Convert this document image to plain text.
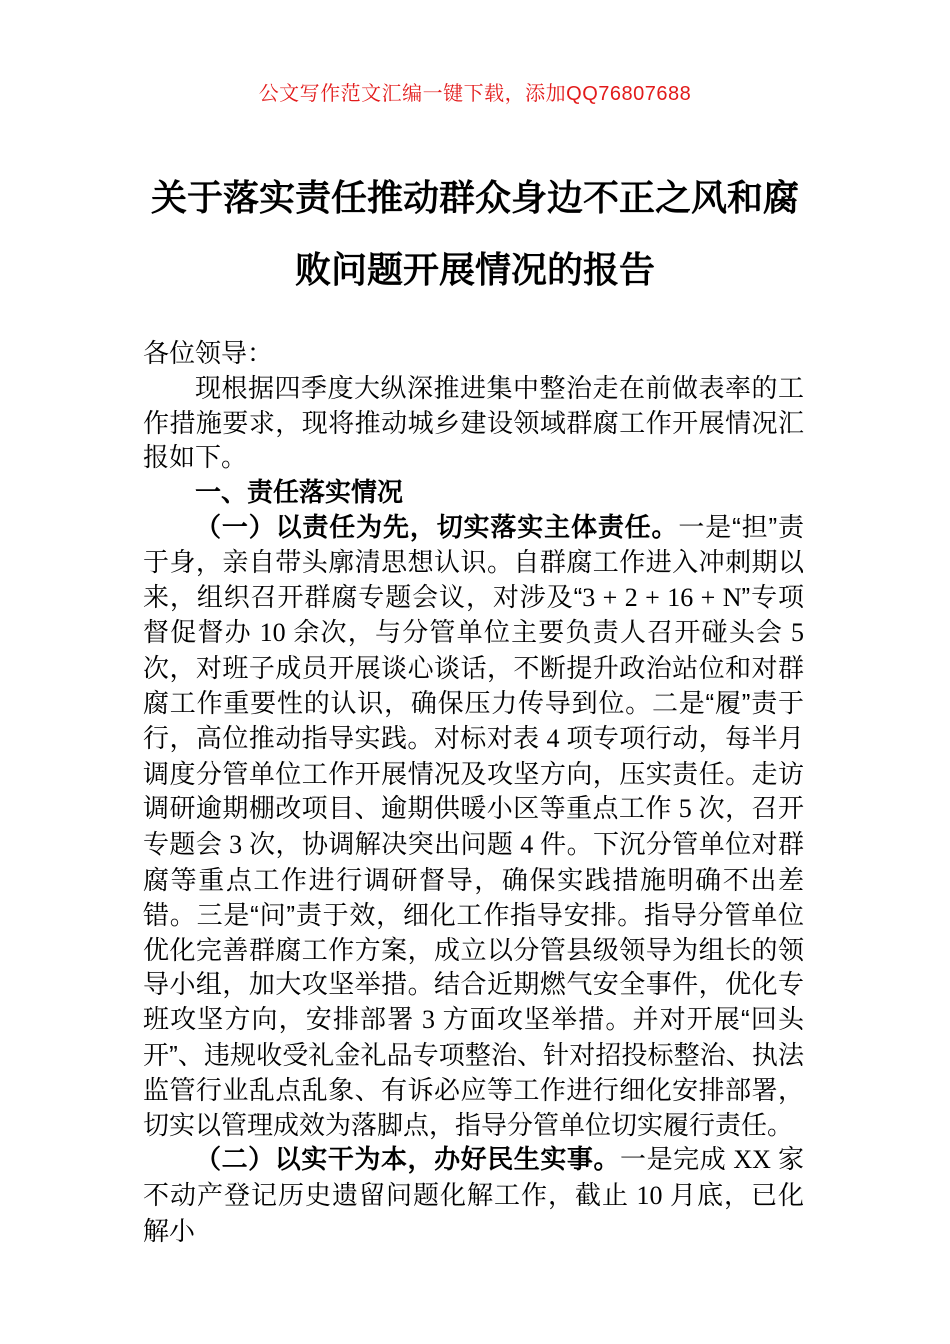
公文写作范文汇编一键下载，添加QQ76807688
关于落实责任推动群众身边不正之风和腐败问题开展情况的报告

各位领导：

现根据四季度大纵深推进集中整治走在前做表率的工作措施要求，现将推动城乡建设领域群腐工作开展情况汇报如下。

一、责任落实情况

（一）以责任为先，切实落实主体责任。一是“担”责于身，亲自带头廓清思想认识。自群腐工作进入冲刺期以来，组织召开群腐专题会议，对涉及“3 + 2 + 16 + N”专项督促督办 10 余次，与分管单位主要负责人召开碰头会 5 次，对班子成员开展谈心谈话，不断提升政治站位和对群腐工作重要性的认识，确保压力传导到位。二是“履”责于行，高位推动指导实践。对标对表 4 项专项行动，每半月调度分管单位工作开展情况及攻坚方向，压实责任。走访调研逾期棚改项目、逾期供暖小区等重点工作 5 次，召开专题会 3 次，协调解决突出问题 4 件。下沉分管单位对群腐等重点工作进行调研督导，确保实践措施明确不出差错。三是“问”责于效，细化工作指导安排。指导分管单位优化完善群腐工作方案，成立以分管县级领导为组长的领导小组，加大攻坚举措。结合近期燃气安全事件，优化专班攻坚方向，安排部署 3 方面攻坚举措。并对开展“回头开”、违规收受礼金礼品专项整治、针对招投标整治、执法监管行业乱点乱象、有诉必应等工作进行细化安排部署，切实以管理成效为落脚点，指导分管单位切实履行责任。

（二）以实干为本，办好民生实事。一是完成 XX 家不动产登记历史遗留问题化解工作，截止 10 月底，已化解小
